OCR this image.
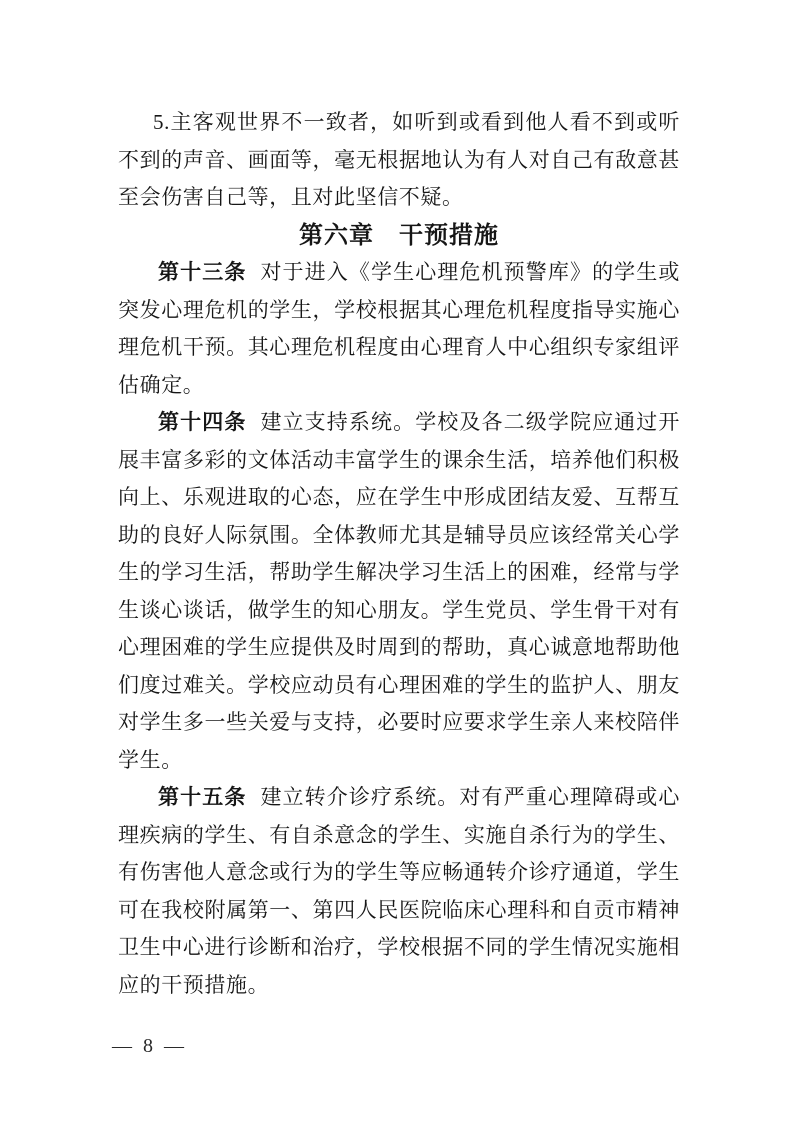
5.主客观世界不一致者，如听到或看到他人看不到或听不到的声音、画面等，毫无根据地认为有人对自己有敌意甚至会伤害自己等，且对此坚信不疑。

第六章　干预措施

第十三条 对于进入《学生心理危机预警库》的学生或突发心理危机的学生，学校根据其心理危机程度指导实施心理危机干预。其心理危机程度由心理育人中心组织专家组评估确定。

第十四条 建立支持系统。学校及各二级学院应通过开展丰富多彩的文体活动丰富学生的课余生活，培养他们积极向上、乐观进取的心态，应在学生中形成团结友爱、互帮互助的良好人际氛围。全体教师尤其是辅导员应该经常关心学生的学习生活，帮助学生解决学习生活上的困难，经常与学生谈心谈话，做学生的知心朋友。学生党员、学生骨干对有心理困难的学生应提供及时周到的帮助，真心诚意地帮助他们度过难关。学校应动员有心理困难的学生的监护人、朋友对学生多一些关爱与支持，必要时应要求学生亲人来校陪伴学生。

第十五条 建立转介诊疗系统。对有严重心理障碍或心理疾病的学生、有自杀意念的学生、实施自杀行为的学生、有伤害他人意念或行为的学生等应畅通转介诊疗通道，学生可在我校附属第一、第四人民医院临床心理科和自贡市精神卫生中心进行诊断和治疗，学校根据不同的学生情况实施相应的干预措施。

— 8 —
